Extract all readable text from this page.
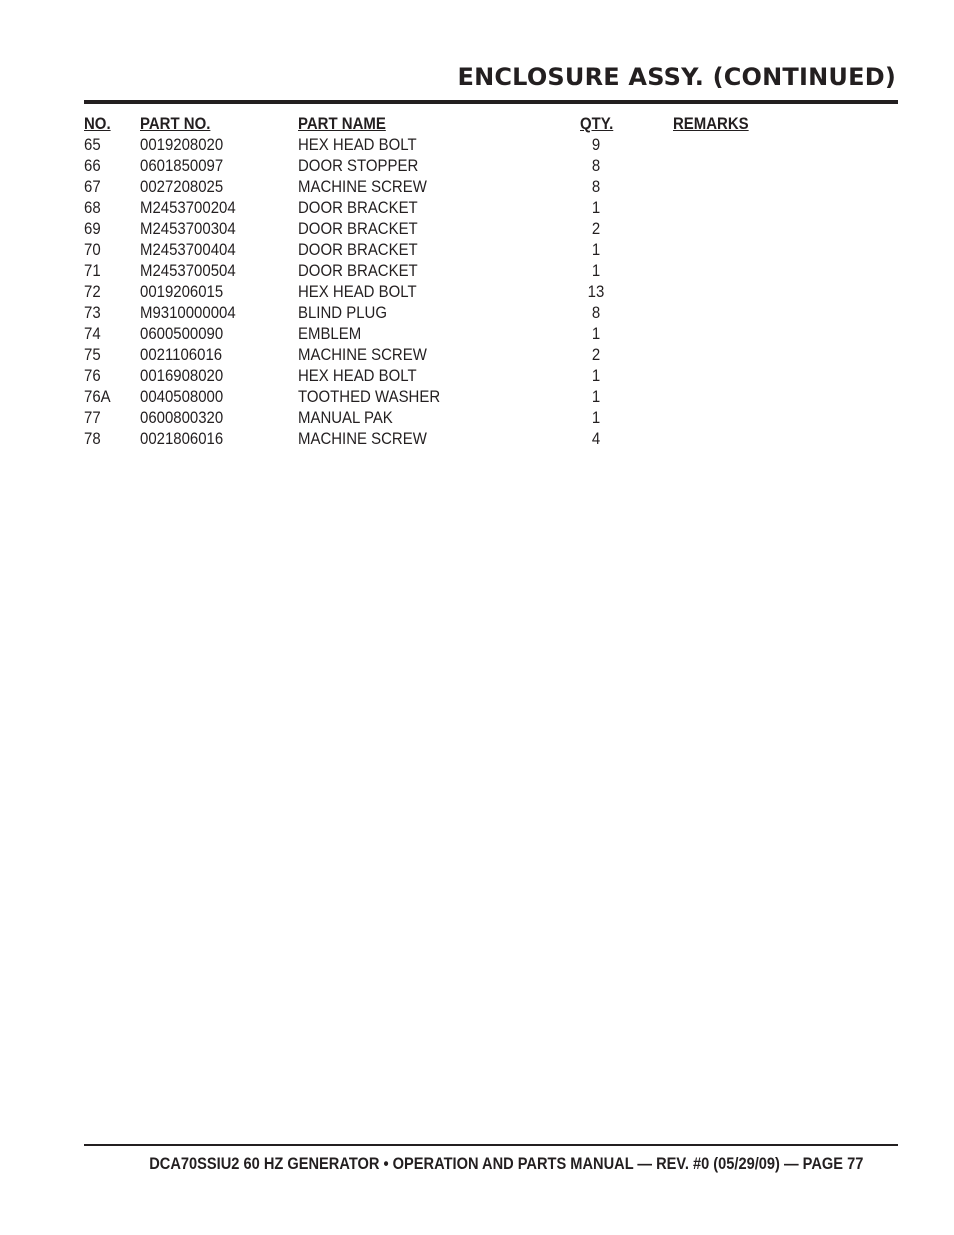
ENCLOSURE ASSY. (CONTINUED)
NO. PART NO.	PART NAME	QTY.	REMARKS
65 0019208020	HEX HEAD BOLT	9
66 0601850097	DOOR STOPPER	8
67 0027208025	MACHINE SCREW	8
68 M2453700204	DOOR BRACKET	1
69 M2453700304	DOOR BRACKET	2
70 M2453700404	DOOR BRACKET	1
71 M2453700504	DOOR BRACKET	1
72 0019206015	HEX HEAD BOLT	13
73 M9310000004	BLIND PLUG	8
74 0600500090	EMBLEM	1
75 0021106016	MACHINE SCREW	2
76 0016908020	HEX HEAD BOLT	1
76A 0040508000	TOOTHED WASHER	1
77 0600800320	MANUAL PAK	1
78 0021806016	MACHINE SCREW	4
DCA70SSIU2 60 HZ GENERATOR • OPERATION AND PARTS MANUAL — REV. #0 (05/29/09) — PAGE 77
